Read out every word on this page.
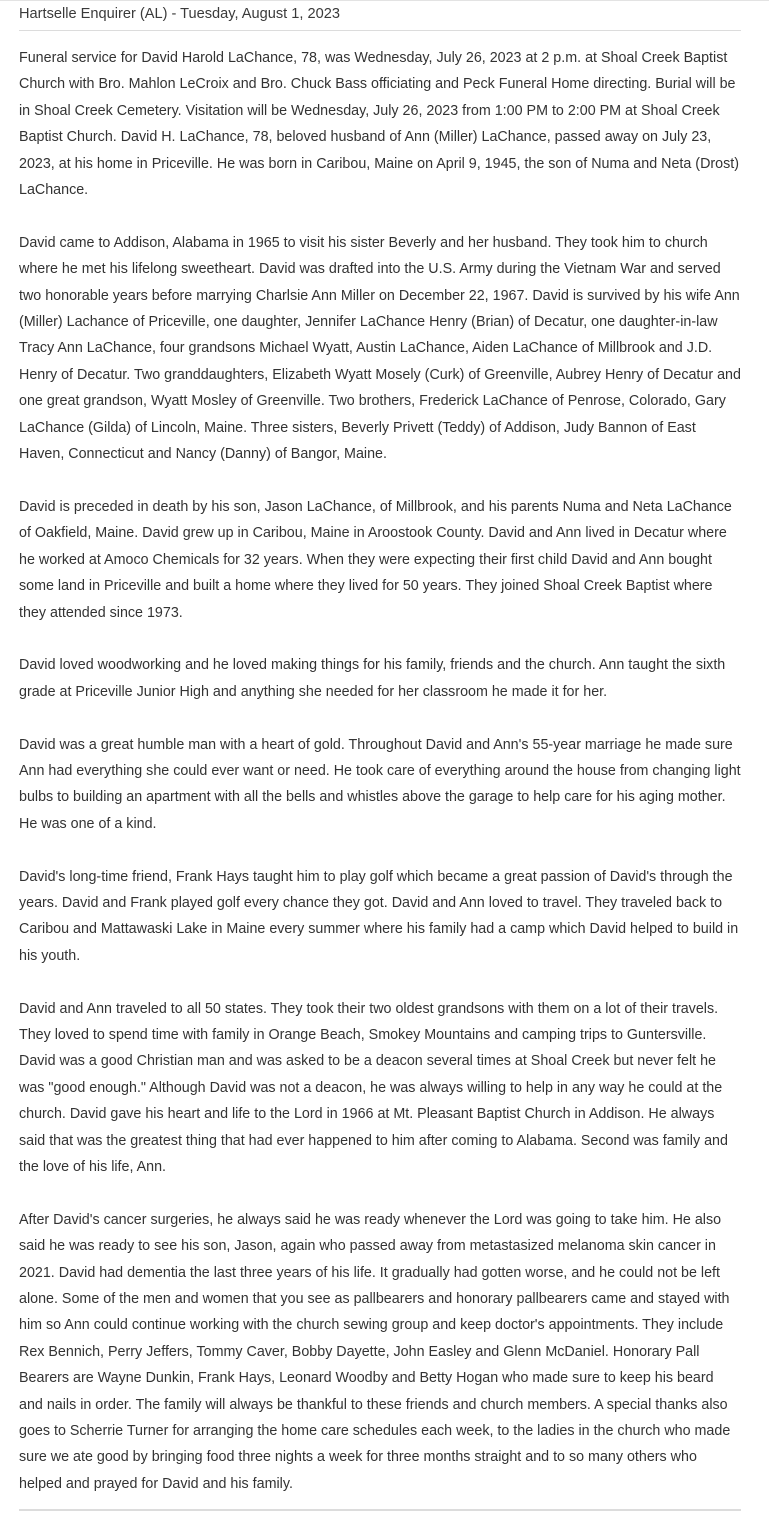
Hartselle Enquirer (AL) - Tuesday, August 1, 2023

Funeral service for David Harold LaChance, 78, was Wednesday, July 26, 2023 at 2 p.m. at Shoal Creek Baptist Church with Bro. Mahlon LeCroix and Bro. Chuck Bass officiating and Peck Funeral Home directing. Burial will be in Shoal Creek Cemetery. Visitation will be Wednesday, July 26, 2023 from 1:00 PM to 2:00 PM at Shoal Creek Baptist Church. David H. LaChance, 78, beloved husband of Ann (Miller) LaChance, passed away on July 23, 2023, at his home in Priceville. He was born in Caribou, Maine on April 9, 1945, the son of Numa and Neta (Drost) LaChance.

David came to Addison, Alabama in 1965 to visit his sister Beverly and her husband. They took him to church where he met his lifelong sweetheart. David was drafted into the U.S. Army during the Vietnam War and served two honorable years before marrying Charlsie Ann Miller on December 22, 1967. David is survived by his wife Ann (Miller) Lachance of Priceville, one daughter, Jennifer LaChance Henry (Brian) of Decatur, one daughter-in-law Tracy Ann LaChance, four grandsons Michael Wyatt, Austin LaChance, Aiden LaChance of Millbrook and J.D. Henry of Decatur. Two granddaughters, Elizabeth Wyatt Mosely (Curk) of Greenville, Aubrey Henry of Decatur and one great grandson, Wyatt Mosley of Greenville. Two brothers, Frederick LaChance of Penrose, Colorado, Gary LaChance (Gilda) of Lincoln, Maine. Three sisters, Beverly Privett (Teddy) of Addison, Judy Bannon of East Haven, Connecticut and Nancy (Danny) of Bangor, Maine.

David is preceded in death by his son, Jason LaChance, of Millbrook, and his parents Numa and Neta LaChance of Oakfield, Maine. David grew up in Caribou, Maine in Aroostook County. David and Ann lived in Decatur where he worked at Amoco Chemicals for 32 years. When they were expecting their first child David and Ann bought some land in Priceville and built a home where they lived for 50 years. They joined Shoal Creek Baptist where they attended since 1973.

David loved woodworking and he loved making things for his family, friends and the church. Ann taught the sixth grade at Priceville Junior High and anything she needed for her classroom he made it for her.

David was a great humble man with a heart of gold. Throughout David and Ann's 55-year marriage he made sure Ann had everything she could ever want or need. He took care of everything around the house from changing light bulbs to building an apartment with all the bells and whistles above the garage to help care for his aging mother. He was one of a kind.

David's long-time friend, Frank Hays taught him to play golf which became a great passion of David's through the years. David and Frank played golf every chance they got. David and Ann loved to travel. They traveled back to Caribou and Mattawaski Lake in Maine every summer where his family had a camp which David helped to build in his youth.

David and Ann traveled to all 50 states. They took their two oldest grandsons with them on a lot of their travels. They loved to spend time with family in Orange Beach, Smokey Mountains and camping trips to Guntersville. David was a good Christian man and was asked to be a deacon several times at Shoal Creek but never felt he was "good enough." Although David was not a deacon, he was always willing to help in any way he could at the church. David gave his heart and life to the Lord in 1966 at Mt. Pleasant Baptist Church in Addison. He always said that was the greatest thing that had ever happened to him after coming to Alabama. Second was family and the love of his life, Ann.

After David's cancer surgeries, he always said he was ready whenever the Lord was going to take him. He also said he was ready to see his son, Jason, again who passed away from metastasized melanoma skin cancer in 2021. David had dementia the last three years of his life. It gradually had gotten worse, and he could not be left alone. Some of the men and women that you see as pallbearers and honorary pallbearers came and stayed with him so Ann could continue working with the church sewing group and keep doctor's appointments. They include Rex Bennich, Perry Jeffers, Tommy Caver, Bobby Dayette, John Easley and Glenn McDaniel. Honorary Pall Bearers are Wayne Dunkin, Frank Hays, Leonard Woodby and Betty Hogan who made sure to keep his beard and nails in order. The family will always be thankful to these friends and church members. A special thanks also goes to Scherrie Turner for arranging the home care schedules each week, to the ladies in the church who made sure we ate good by bringing food three nights a week for three months straight and to so many others who helped and prayed for David and his family.
